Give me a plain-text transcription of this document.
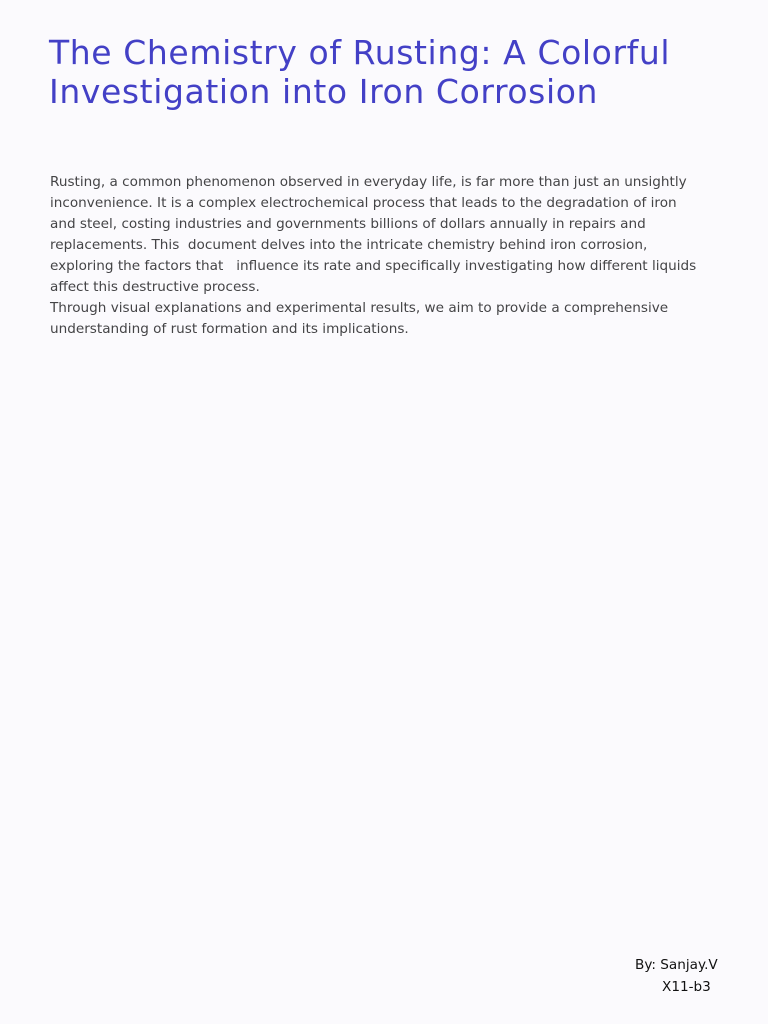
The Chemistry of Rusting: A Colorful Investigation into Iron Corrosion

Rusting, a common phenomenon observed in everyday life, is far more than just an unsightly inconvenience. It is a complex electrochemical process that leads to the degradation of iron and steel, costing industries and governments billions of dollars annually in repairs and replacements. This  document delves into the intricate chemistry behind iron corrosion, exploring the factors that   influence its rate and specifically investigating how different liquids affect this destructive process.

Through visual explanations and experimental results, we aim to provide a comprehensive understanding of rust formation and its implications.

By: Sanjay.V
X11-b3
